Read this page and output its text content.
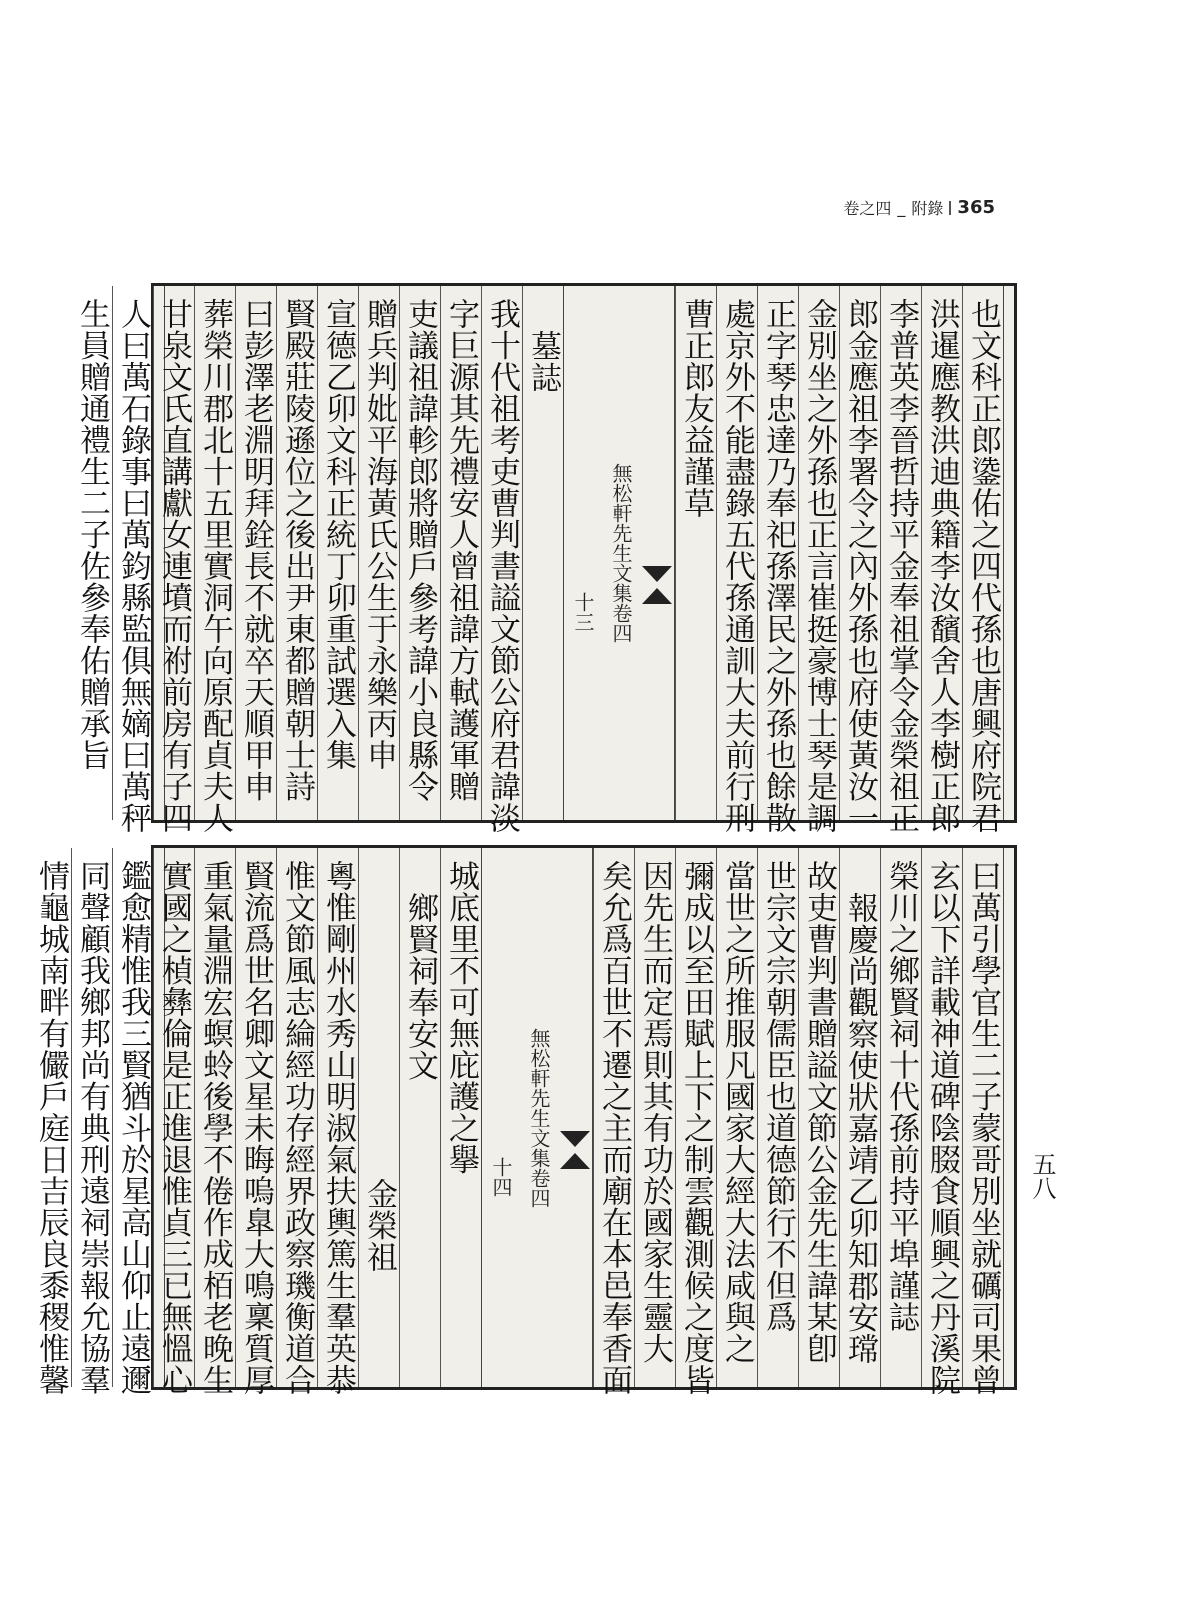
卷之四 _ 附錄 365
也文科正郎鍌佑之四代孫也唐興府院君
洪暹應教洪迪典籍李汝馪舍人李樹正郎
李普英李晉哲持平金奉祖掌令金榮祖正
郎金應祖李署令之內外孫也府使黃汝一
金別坐之外孫也正言崔挺豪博士琴是調
正字琴忠達乃奉祀孫澤民之外孫也餘散
處京外不能盡錄五代孫通訓大夫前行刑
曹正郎友益謹草
無松軒先生文集卷四
十三
墓誌
我十代祖考吏曹判書謚文節公府君諱淡
字巨源其先禮安人曾祖諱方軾護軍贈
吏議祖諱軫郎將贈戶參考諱小良縣令
贈兵判妣平海黃氏公生于永樂丙申
宣德乙卯文科正統丁卯重試選入集
賢殿莊陵遜位之後出尹東都贈朝士詩
曰彭澤老淵明拜銓長不就卒天順甲申
葬榮川郡北十五里實洞午向原配貞夫人
甘泉文氏直講獻女連墳而祔前房有子四
人曰萬石錄事曰萬鈞縣監俱無嫡曰萬秤
生員贈通禮生二子佐參奉佑贈承旨
曰萬引學官生二子蒙哥別坐就礪司果曾
玄以下詳載神道碑陰腏食順興之丹溪院
榮川之鄉賢祠十代孫前持平埠謹誌
報慶尚觀察使狀嘉靖乙卯知郡安瑺
故吏曹判書贈謚文節公金先生諱某卽
世宗文宗朝儒臣也道德節行不但爲
當世之所推服凡國家大經大法咸與之
彌成以至田賦上下之制雲觀測候之度皆
因先生而定焉則其有功於國家生靈大
矣允爲百世不遷之主而廟在本邑奉香面
無松軒先生文集卷四
十四
城底里不可無庇護之擧
鄉賢祠奉安文
金榮祖
粵惟剛州水秀山明淑氣扶輿篤生羣英恭
惟文節風志綸經功存經界政察璣衡道合
賢流爲世名卿文星未晦嗚臯大鳴稟質厚
重氣量淵宏螟蛉後學不倦作成栢老晚生
實國之楨彝倫是正進退惟貞三已無慍心
鑑愈精惟我三賢猶斗於星高山仰止遠邇
同聲顧我鄉邦尚有典刑遠祠崇報允協羣
情龜城南畔有儼戶庭日吉辰良黍稷惟馨	五八
